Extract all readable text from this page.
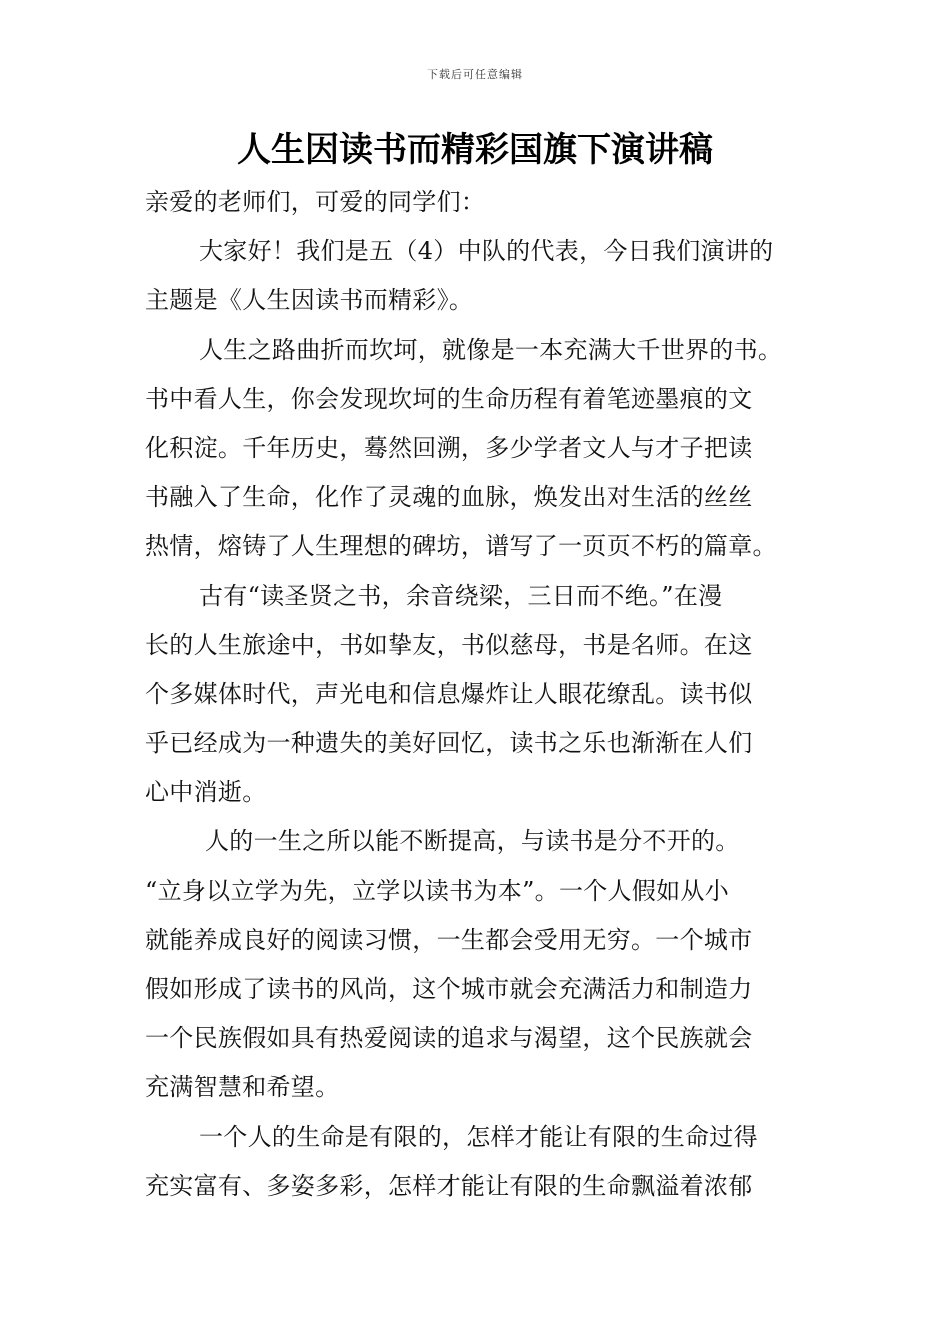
下载后可任意编辑
人生因读书而精彩国旗下演讲稿
亲爱的老师们，可爱的同学们：
大家好！我们是五（4）中队的代表，今日我们演讲的
主题是《人生因读书而精彩》。
人生之路曲折而坎坷，就像是一本充满大千世界的书。
书中看人生，你会发现坎坷的生命历程有着笔迹墨痕的文
化积淀。千年历史，蓦然回溯，多少学者文人与才子把读
书融入了生命，化作了灵魂的血脉，焕发出对生活的丝丝
热情，熔铸了人生理想的碑坊，谱写了一页页不朽的篇章。
古有“读圣贤之书，余音绕梁，三日而不绝。”在漫
长的人生旅途中，书如挚友，书似慈母，书是名师。在这
个多媒体时代，声光电和信息爆炸让人眼花缭乱。读书似
乎已经成为一种遗失的美好回忆，读书之乐也渐渐在人们
心中消逝。
人的一生之所以能不断提高，与读书是分不开的。
“立身以立学为先，立学以读书为本”。一个人假如从小
就能养成良好的阅读习惯，一生都会受用无穷。一个城市
假如形成了读书的风尚，这个城市就会充满活力和制造力
一个民族假如具有热爱阅读的追求与渴望，这个民族就会
充满智慧和希望。
一个人的生命是有限的，怎样才能让有限的生命过得
充实富有、多姿多彩，怎样才能让有限的生命飘溢着浓郁
